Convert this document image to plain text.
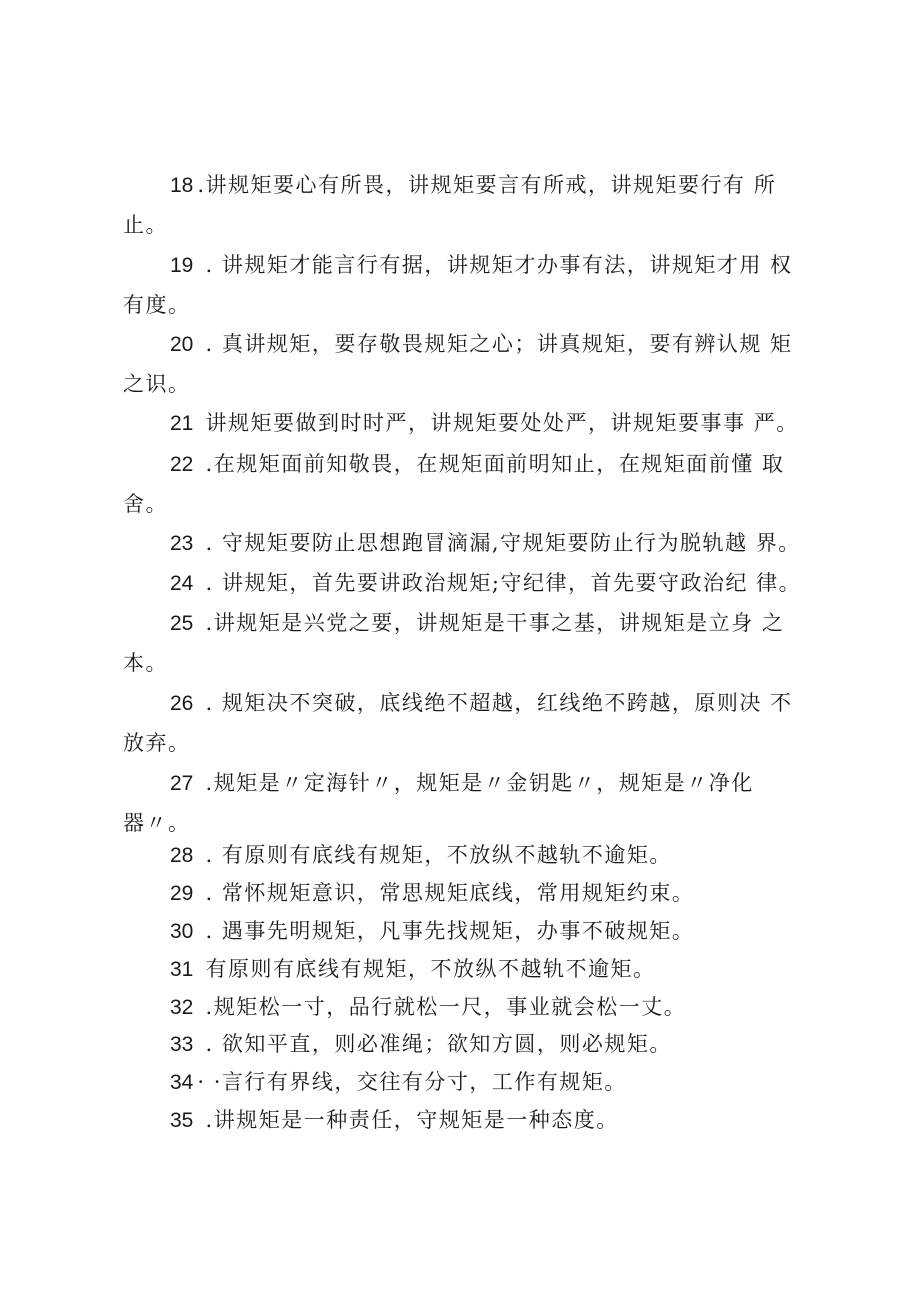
18 .讲规矩要心有所畏，讲规矩要言有所戒，讲规矩要行有 所
止。
19 . 讲规矩才能言行有据，讲规矩才办事有法，讲规矩才用 权
有度。
20 . 真讲规矩，要存敬畏规矩之心；讲真规矩，要有辨认规 矩
之识。
21 讲规矩要做到时时严，讲规矩要处处严，讲规矩要事事 严。
22 .在规矩面前知敬畏，在规矩面前明知止，在规矩面前懂 取
舍。
23 . 守规矩要防止思想跑冒滴漏,守规矩要防止行为脱轨越 界。
24 . 讲规矩，首先要讲政治规矩;守纪律，首先要守政治纪 律。
25 .讲规矩是兴党之要，讲规矩是干事之基，讲规矩是立身 之
本。
26 . 规矩决不突破，底线绝不超越，红线绝不跨越，原则决 不
放弃。
27 .规矩是〃定海针〃，规矩是〃金钥匙〃，规矩是〃净化
器〃。
28 . 有原则有底线有规矩，不放纵不越轨不逾矩。
29 . 常怀规矩意识，常思规矩底线，常用规矩约束。
30 . 遇事先明规矩，凡事先找规矩，办事不破规矩。
31 有原则有底线有规矩，不放纵不越轨不逾矩。
32 .规矩松一寸，品行就松一尺，事业就会松一丈。
33 . 欲知平直，则必准绳；欲知方圆，则必规矩。
34 · ·言行有界线，交往有分寸，工作有规矩。
35 .讲规矩是一种责任，守规矩是一种态度。
